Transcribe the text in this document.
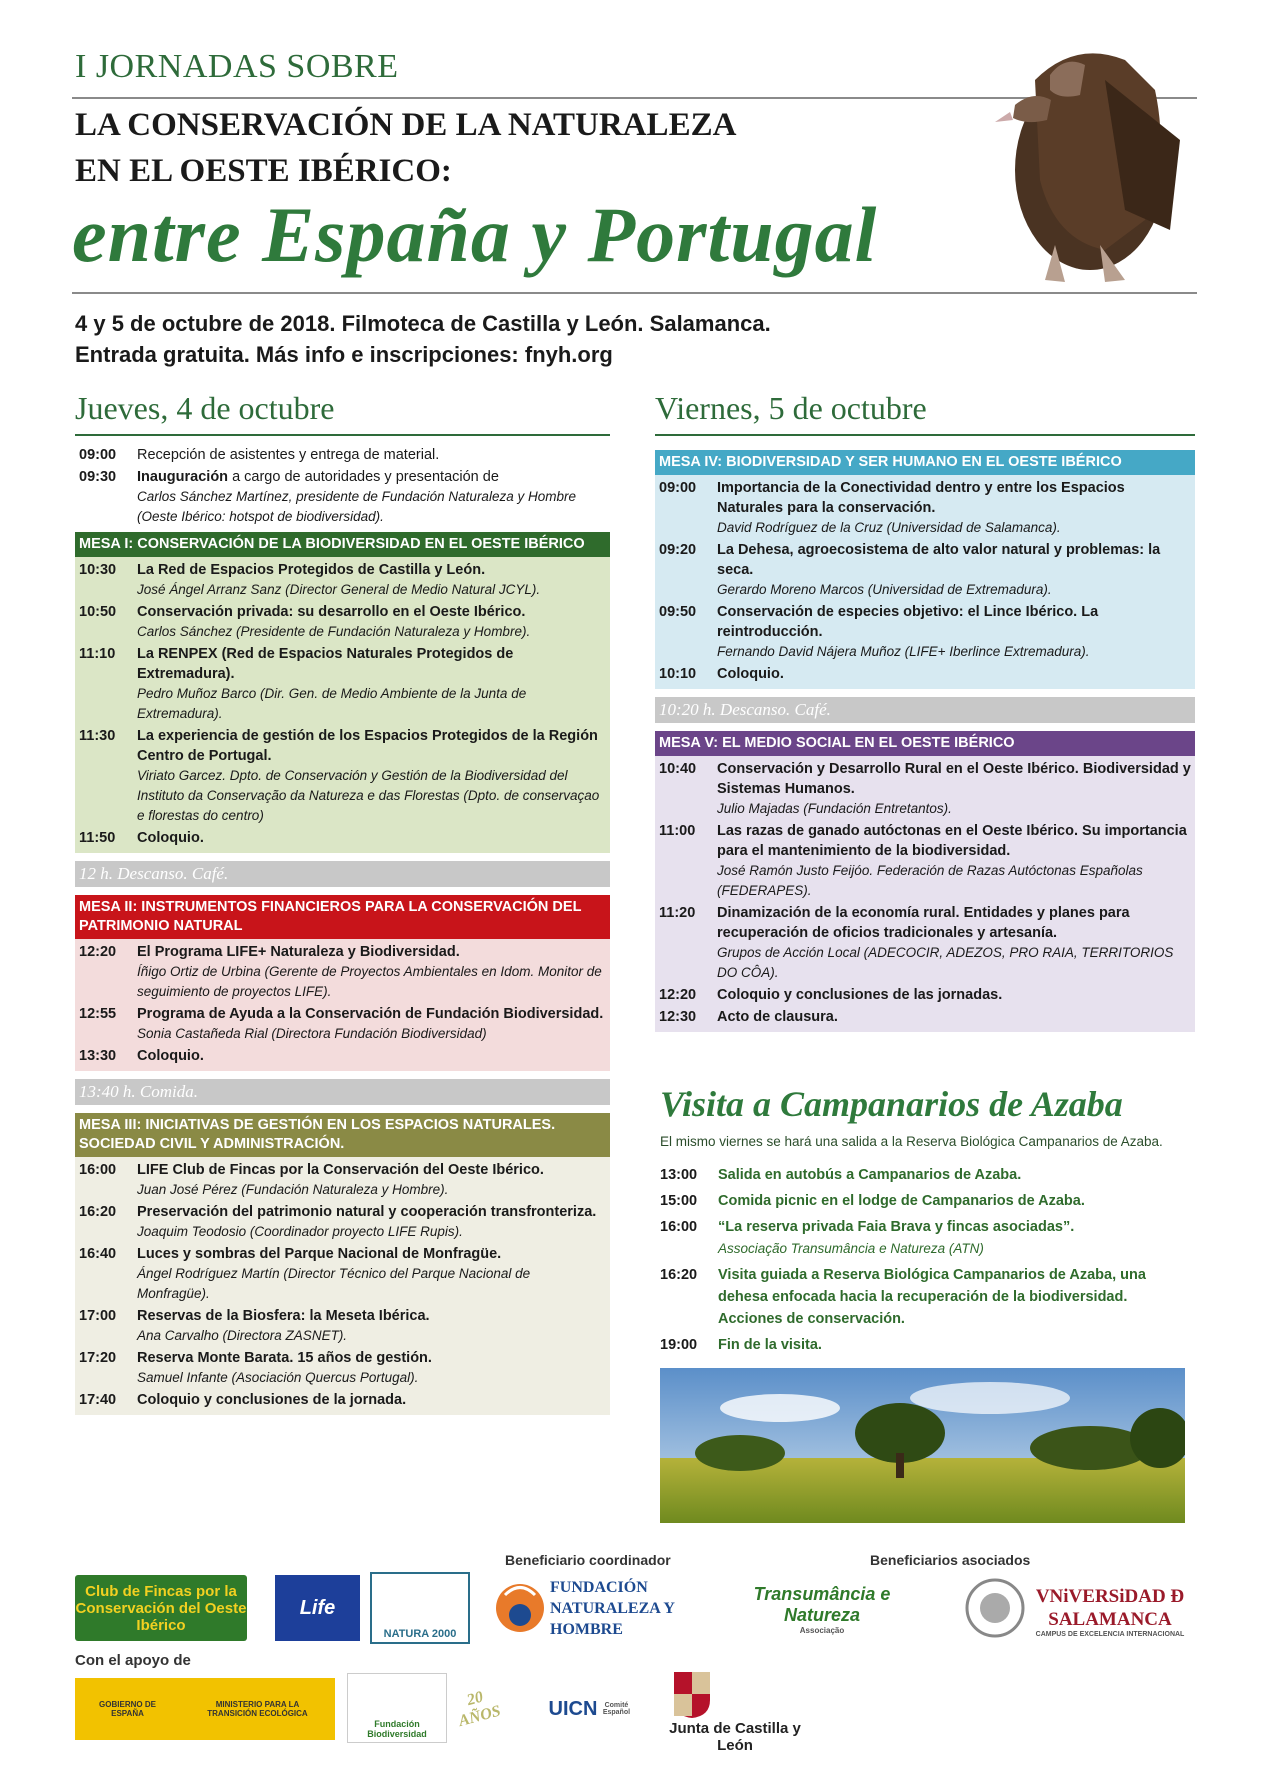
I JORNADAS SOBRE
LA CONSERVACIÓN DE LA NATURALEZA
EN EL OESTE IBÉRICO:
entre España y Portugal
4 y 5 de octubre de 2018. Filmoteca de Castilla y León. Salamanca.
Entrada gratuita. Más info e inscripciones: fnyh.org
Jueves, 4 de octubre
09:00	Recepción de asistentes y entrega de material.
09:30	Inauguración a cargo de autoridades y presentación de
Carlos Sánchez Martínez, presidente de Fundación Naturaleza y Hombre (Oeste Ibérico: hotspot de biodiversidad).
MESA I: CONSERVACIÓN DE LA BIODIVERSIDAD EN EL OESTE IBÉRICO
10:30	La Red de Espacios Protegidos de Castilla y León.
José Ángel Arranz Sanz (Director General de Medio Natural JCYL).
10:50	Conservación privada: su desarrollo en el Oeste Ibérico.
Carlos Sánchez (Presidente de Fundación Naturaleza y Hombre).
11:10	La RENPEX (Red de Espacios Naturales Protegidos de Extremadura).
Pedro Muñoz Barco (Dir. Gen. de Medio Ambiente de la Junta de Extremadura).
11:30	La experiencia de gestión de los Espacios Protegidos de la Región Centro de Portugal.
Viriato Garcez. Dpto. de Conservación y Gestión de la Biodiversidad del Instituto da Conservação da Natureza e das Florestas (Dpto. de conservaçao e florestas do centro)
11:50	Coloquio.
12 h. Descanso. Café.
MESA II: INSTRUMENTOS FINANCIEROS PARA LA CONSERVACIÓN DEL PATRIMONIO NATURAL
12:20	El Programa LIFE+ Naturaleza y Biodiversidad.
Íñigo Ortiz de Urbina (Gerente de Proyectos Ambientales en Idom. Monitor de seguimiento de proyectos LIFE).
12:55	Programa de Ayuda a la Conservación de Fundación Biodiversidad.
Sonia Castañeda Rial (Directora Fundación Biodiversidad)
13:30	Coloquio.
13:40 h. Comida.
MESA III: INICIATIVAS DE GESTIÓN EN LOS ESPACIOS NATURALES. SOCIEDAD CIVIL Y ADMINISTRACIÓN.
16:00	LIFE Club de Fincas por la Conservación del Oeste Ibérico.
Juan José Pérez (Fundación Naturaleza y Hombre).
16:20	Preservación del patrimonio natural y cooperación transfronteriza.
Joaquim Teodosio (Coordinador proyecto LIFE Rupis).
16:40	Luces y sombras del Parque Nacional de Monfragüe.
Ángel Rodríguez Martín (Director Técnico del Parque Nacional de Monfragüe).
17:00	Reservas de la Biosfera: la Meseta Ibérica.
Ana Carvalho (Directora ZASNET).
17:20	Reserva Monte Barata. 15 años de gestión.
Samuel Infante (Asociación Quercus Portugal).
17:40	Coloquio y conclusiones de la jornada.
Viernes, 5 de octubre
MESA IV: BIODIVERSIDAD Y SER HUMANO EN EL OESTE IBÉRICO
09:00	Importancia de la Conectividad dentro y entre los Espacios Naturales para la conservación.
David Rodríguez de la Cruz (Universidad de Salamanca).
09:20	La Dehesa, agroecosistema de alto valor natural y problemas: la seca.
Gerardo Moreno Marcos (Universidad de Extremadura).
09:50	Conservación de especies objetivo: el Lince Ibérico. La reintroducción.
Fernando David Nájera Muñoz (LIFE+ Iberlince Extremadura).
10:10	Coloquio.
10:20 h. Descanso. Café.
MESA V: EL MEDIO SOCIAL EN EL OESTE IBÉRICO
10:40	Conservación y Desarrollo Rural en el Oeste Ibérico. Biodiversidad y Sistemas Humanos.
Julio Majadas (Fundación Entretantos).
11:00	Las razas de ganado autóctonas en el Oeste Ibérico. Su importancia para el mantenimiento de la biodiversidad.
José Ramón Justo Feijóo. Federación de Razas Autóctonas Españolas (FEDERAPES).
11:20	Dinamización de la economía rural. Entidades y planes para recuperación de oficios tradicionales y artesanía.
Grupos de Acción Local (ADECOCIR, ADEZOS, PRO RAIA, TERRITORIOS DO CÔA).
12:20	Coloquio y conclusiones de las jornadas.
12:30	Acto de clausura.
Visita a Campanarios de Azaba
El mismo viernes se hará una salida a la Reserva Biológica Campanarios de Azaba.
13:00	Salida en autobús a Campanarios de Azaba.
15:00	Comida picnic en el lodge de Campanarios de Azaba.
16:00	“La reserva privada Faia Brava y fincas asociadas”.
Associação Transumância e Natureza (ATN)
16:20	Visita guiada a Reserva Biológica Campanarios de Azaba, una dehesa enfocada hacia la recuperación de la biodiversidad. Acciones de conservación.
19:00	Fin de la visita.
Beneficiario coordinador	Beneficiarios asociados
Club de Fincas por la Conservación del Oeste Ibérico
Life
NATURA 2000
FUNDACIÓN NATURALEZA Y HOMBRE
Transumância e Natureza
Associação
VNiVERSiDAD Đ SALAMANCA
CAMPUS DE EXCELENCIA INTERNACIONAL
Con el apoyo de
GOBIERNO DE ESPAÑA
MINISTERIO PARA LA TRANSICIÓN ECOLÓGICA
Fundación Biodiversidad
20 AÑOS	UICN	Comité Español
Junta de Castilla y León
